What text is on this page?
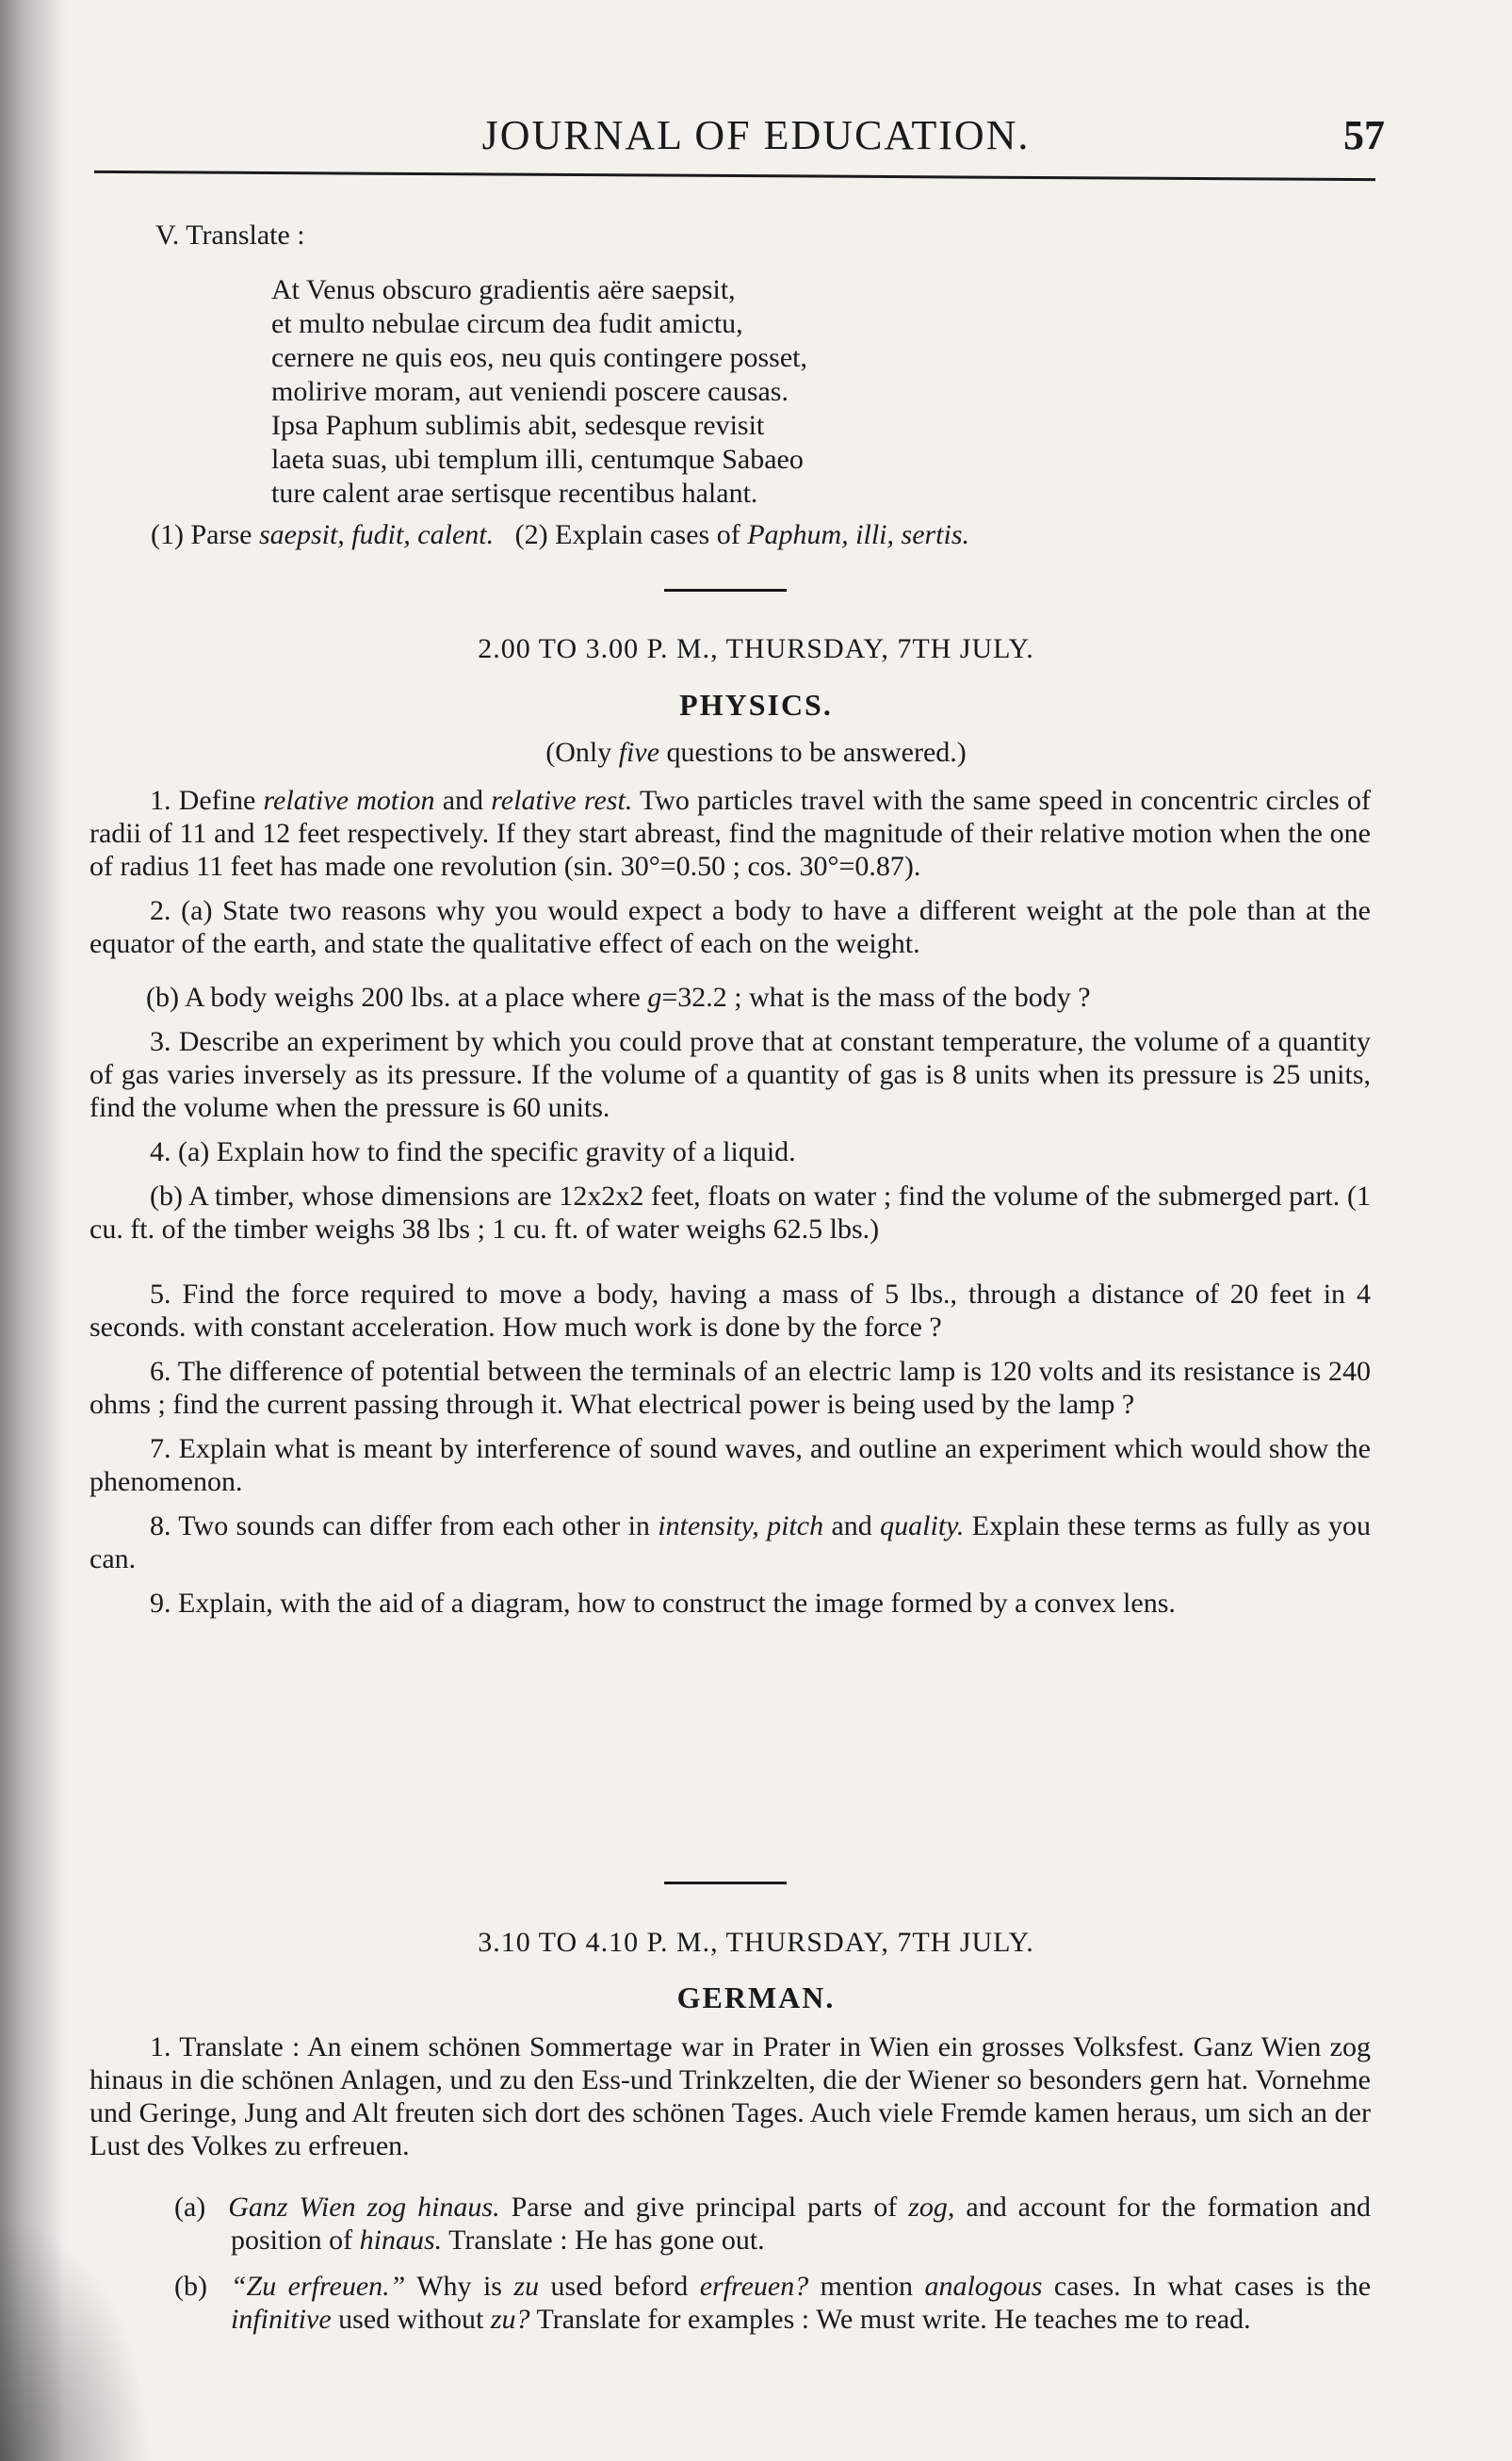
JOURNAL OF EDUCATION.	57
V. Translate :
At Venus obscuro gradientis aëre saepsit,
et multo nebulae circum dea fudit amictu,
cernere ne quis eos, neu quis contingere posset,
molirive moram, aut veniendi poscere causas.
Ipsa Paphum sublimis abit, sedesque revisit
laeta suas, ubi templum illi, centumque Sabaeo
ture calent arae sertisque recentibus halant.
(1) Parse saepsit, fudit, calent. (2) Explain cases of Paphum, illi, sertis.
2.00 TO 3.00 P. M., THURSDAY, 7TH JULY.
PHYSICS.
(Only five questions to be answered.)

1. Define relative motion and relative rest. Two particles travel with the same speed in concentric circles of radii of 11 and 12 feet respectively. If they start abreast, find the magnitude of their relative motion when the one of radius 11 feet has made one revolution (sin. 30°=0.50 ; cos. 30°=0.87).

2. (a) State two reasons why you would expect a body to have a different weight at the pole than at the equator of the earth, and state the qualitative effect of each on the weight.

(b) A body weighs 200 lbs. at a place where g=32.2 ; what is the mass of the body ?

3. Describe an experiment by which you could prove that at constant temperature, the volume of a quantity of gas varies inversely as its pressure. If the volume of a quantity of gas is 8 units when its pressure is 25 units, find the volume when the pressure is 60 units.

4. (a) Explain how to find the specific gravity of a liquid.

(b) A timber, whose dimensions are 12x2x2 feet, floats on water ; find the volume of the submerged part. (1 cu. ft. of the timber weighs 38 lbs ; 1 cu. ft. of water weighs 62.5 lbs.)

5. Find the force required to move a body, having a mass of 5 lbs., through a distance of 20 feet in 4 seconds. with constant acceleration. How much work is done by the force ?

6. The difference of potential between the terminals of an electric lamp is 120 volts and its resistance is 240 ohms ; find the current passing through it. What electrical power is being used by the lamp ?

7. Explain what is meant by interference of sound waves, and outline an experiment which would show the phenomenon.

8. Two sounds can differ from each other in intensity, pitch and quality. Explain these terms as fully as you can.

9. Explain, with the aid of a diagram, how to construct the image formed by a convex lens.

3.10 TO 4.10 P. M., THURSDAY, 7TH JULY.
GERMAN.

1. Translate : An einem schönen Sommertage war in Prater in Wien ein grosses Volksfest. Ganz Wien zog hinaus in die schönen Anlagen, und zu den Ess-und Trinkzelten, die der Wiener so besonders gern hat. Vornehme und Geringe, Jung and Alt freuten sich dort des schönen Tages. Auch viele Fremde kamen heraus, um sich an der Lust des Volkes zu erfreuen.

(a) Ganz Wien zog hinaus. Parse and give principal parts of zog, and account for the formation and position of hinaus. Translate : He has gone out.

(b) “Zu erfreuen.” Why is zu used beford erfreuen? mention analogous cases. In what cases is the infinitive used without zu? Translate for examples : We must write. He teaches me to read.
